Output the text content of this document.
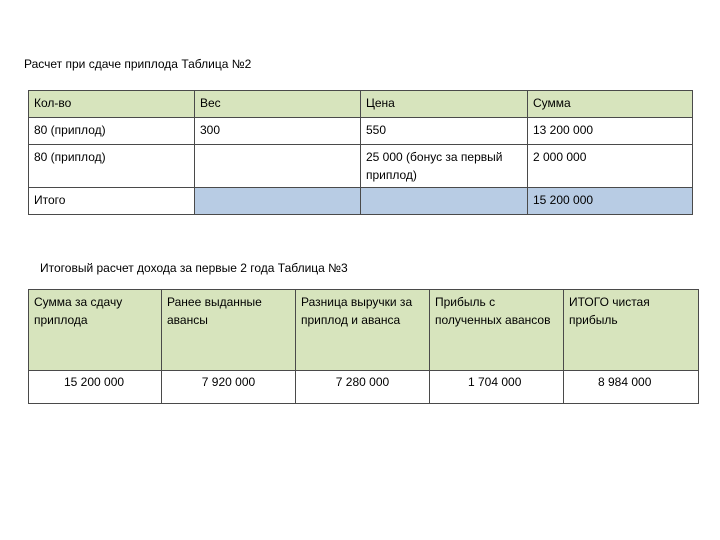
Расчет при сдаче приплода Таблица №2
Кол-во	Вес	Цена	Сумма
80 (приплод)	300	550	13 200 000
80 (приплод)		25 000 (бонус за первый приплод)	2 000 000
Итого			15 200 000
Итоговый расчет дохода за первые 2 года Таблица №3
Сумма за сдачу приплода	Ранее выданные авансы	Разница выручки за приплод и аванса	Прибыль с полученных авансов	ИТОГО чистая прибыль
15 200 000	7 920 000	7 280 000	1 704 000	8 984 000
